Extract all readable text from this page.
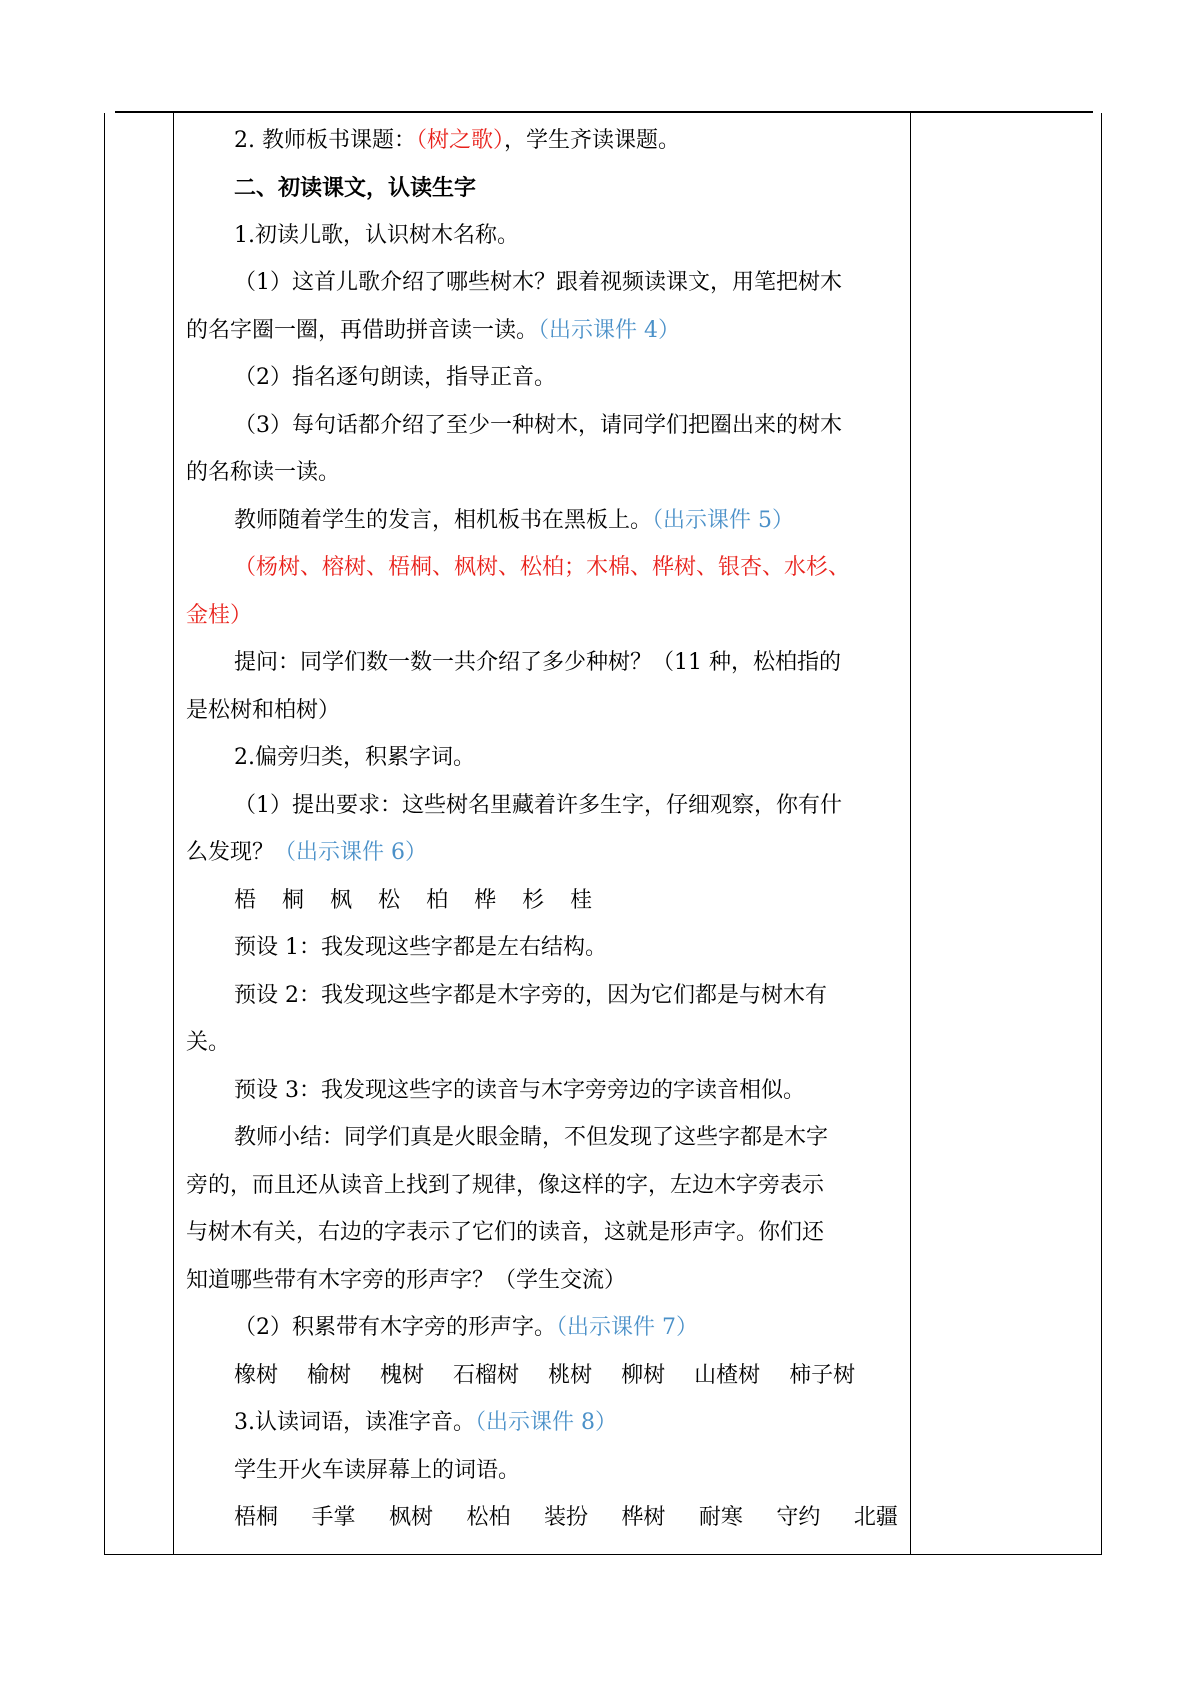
2. 教师板书课题：（树之歌），学生齐读课题。
二、初读课文，认读生字
1.初读儿歌，认识树木名称。
（1）这首儿歌介绍了哪些树木？跟着视频读课文，用笔把树木
的名字圈一圈，再借助拼音读一读。（出示课件 4）
（2）指名逐句朗读，指导正音。
（3）每句话都介绍了至少一种树木，请同学们把圈出来的树木
的名称读一读。
教师随着学生的发言，相机板书在黑板上。（出示课件 5）
（杨树、榕树、梧桐、枫树、松柏；木棉、桦树、银杏、水杉、
金桂）
提问：同学们数一数一共介绍了多少种树？（11 种，松柏指的
是松树和柏树）
2.偏旁归类，积累字词。
（1）提出要求：这些树名里藏着许多生字，仔细观察，你有什
么发现？（出示课件 6）
梧 桐 枫 松 柏 桦 杉 桂
预设 1：我发现这些字都是左右结构。
预设 2：我发现这些字都是木字旁的，因为它们都是与树木有
关。
预设 3：我发现这些字的读音与木字旁旁边的字读音相似。
教师小结：同学们真是火眼金睛，不但发现了这些字都是木字
旁的，而且还从读音上找到了规律，像这样的字，左边木字旁表示
与树木有关，右边的字表示了它们的读音，这就是形声字。你们还
知道哪些带有木字旁的形声字？（学生交流）
（2）积累带有木字旁的形声字。（出示课件 7）
橡树 榆树 槐树 石榴树 桃树 柳树 山楂树 柿子树
3.认读词语，读准字音。（出示课件 8）
学生开火车读屏幕上的词语。
梧桐 手掌 枫树 松柏 装扮 桦树 耐寒 守约 北疆
